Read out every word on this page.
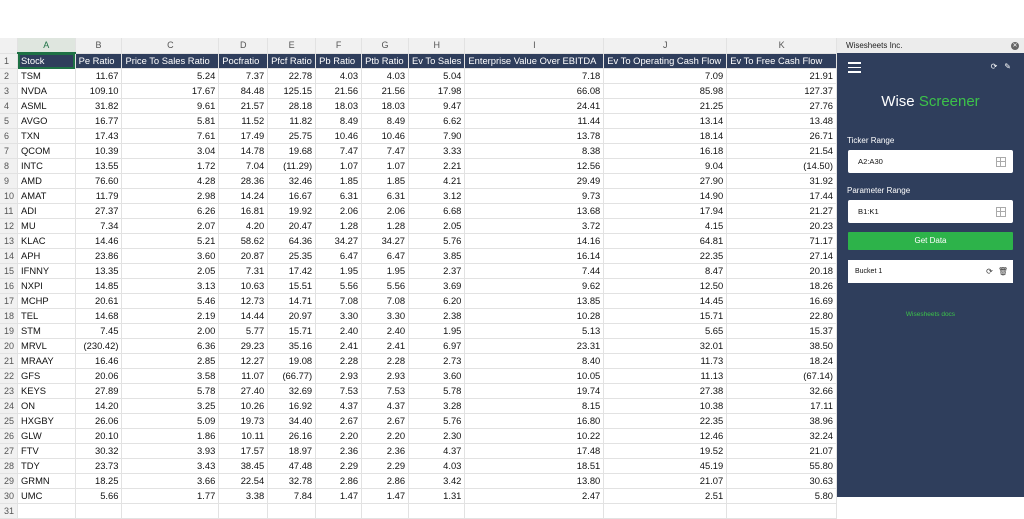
	A	B	C	D	E	F	G	H	I	J	K
1	Stock	Pe Ratio	Price To Sales Ratio	Pocfratio	Pfcf Ratio	Pb Ratio	Ptb Ratio	Ev To Sales	Enterprise Value Over EBITDA	Ev To Operating Cash Flow	Ev To Free Cash Flow
2	TSM	11.67	5.24	7.37	22.78	4.03	4.03	5.04	7.18	7.09	21.91
3	NVDA	109.10	17.67	84.48	125.15	21.56	21.56	17.98	66.08	85.98	127.37
4	ASML	31.82	9.61	21.57	28.18	18.03	18.03	9.47	24.41	21.25	27.76
5	AVGO	16.77	5.81	11.52	11.82	8.49	8.49	6.62	11.44	13.14	13.48
6	TXN	17.43	7.61	17.49	25.75	10.46	10.46	7.90	13.78	18.14	26.71
7	QCOM	10.39	3.04	14.78	19.68	7.47	7.47	3.33	8.38	16.18	21.54
8	INTC	13.55	1.72	7.04	(11.29)	1.07	1.07	2.21	12.56	9.04	(14.50)
9	AMD	76.60	4.28	28.36	32.46	1.85	1.85	4.21	29.49	27.90	31.92
10	AMAT	11.79	2.98	14.24	16.67	6.31	6.31	3.12	9.73	14.90	17.44
11	ADI	27.37	6.26	16.81	19.92	2.06	2.06	6.68	13.68	17.94	21.27
12	MU	7.34	2.07	4.20	20.47	1.28	1.28	2.05	3.72	4.15	20.23
13	KLAC	14.46	5.21	58.62	64.36	34.27	34.27	5.76	14.16	64.81	71.17
14	APH	23.86	3.60	20.87	25.35	6.47	6.47	3.85	16.14	22.35	27.14
15	IFNNY	13.35	2.05	7.31	17.42	1.95	1.95	2.37	7.44	8.47	20.18
16	NXPI	14.85	3.13	10.63	15.51	5.56	5.56	3.69	9.62	12.50	18.26
17	MCHP	20.61	5.46	12.73	14.71	7.08	7.08	6.20	13.85	14.45	16.69
18	TEL	14.68	2.19	14.44	20.97	3.30	3.30	2.38	10.28	15.71	22.80
19	STM	7.45	2.00	5.77	15.71	2.40	2.40	1.95	5.13	5.65	15.37
20	MRVL	(230.42)	6.36	29.23	35.16	2.41	2.41	6.97	23.31	32.01	38.50
21	MRAAY	16.46	2.85	12.27	19.08	2.28	2.28	2.73	8.40	11.73	18.24
22	GFS	20.06	3.58	11.07	(66.77)	2.93	2.93	3.60	10.05	11.13	(67.14)
23	KEYS	27.89	5.78	27.40	32.69	7.53	7.53	5.78	19.74	27.38	32.66
24	ON	14.20	3.25	10.26	16.92	4.37	4.37	3.28	8.15	10.38	17.11
25	HXGBY	26.06	5.09	19.73	34.40	2.67	2.67	5.76	16.80	22.35	38.96
26	GLW	20.10	1.86	10.11	26.16	2.20	2.20	2.30	10.22	12.46	32.24
27	FTV	30.32	3.93	17.57	18.97	2.36	2.36	4.37	17.48	19.52	21.07
28	TDY	23.73	3.43	38.45	47.48	2.29	2.29	4.03	18.51	45.19	55.80
29	GRMN	18.25	3.66	22.54	32.78	2.86	2.86	3.42	13.80	21.07	30.63
30	UMC	5.66	1.77	3.38	7.84	1.47	1.47	1.31	2.47	2.51	5.80
31											
Wisesheets Inc.	✕
⟳ ✎
Wise Screener
Ticker Range
A2:A30
Parameter Range
B1:K1
Get Data
Bucket 1	⟳ 🗑
Wisesheets docs
